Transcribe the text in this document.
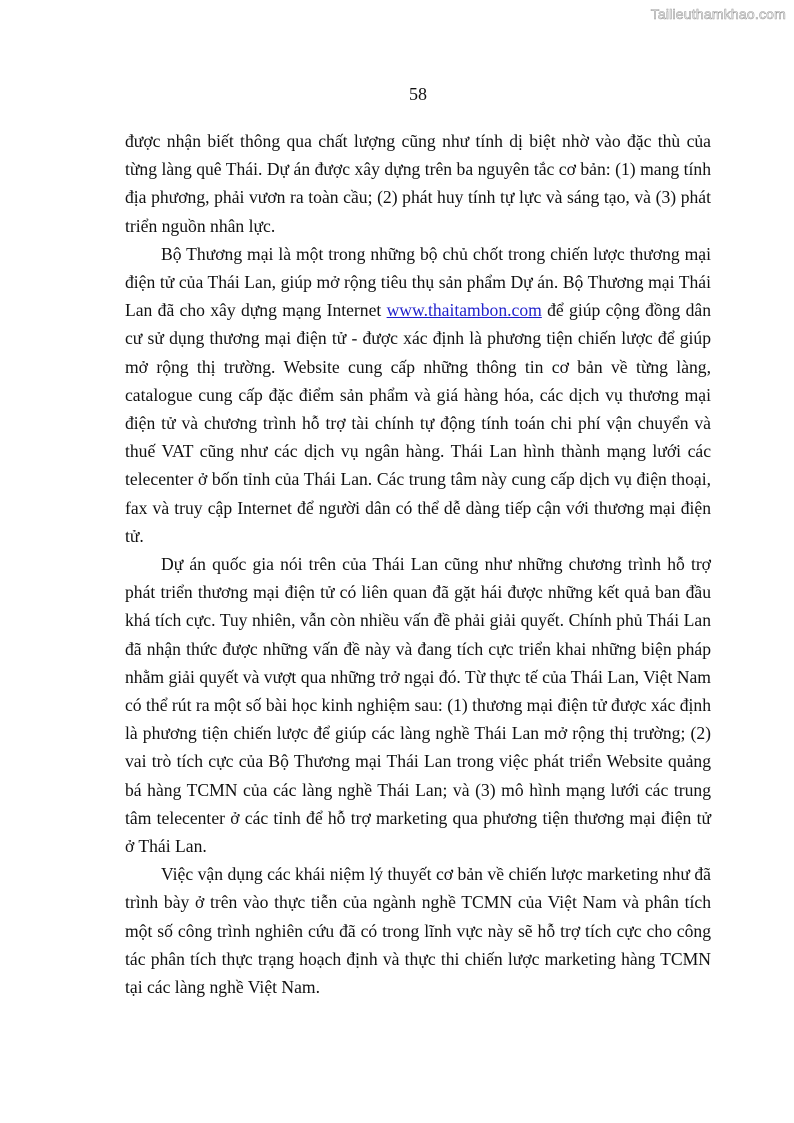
Tailieuthamkhao.com
58

được nhận biết thông qua chất lượng cũng như tính dị biệt nhờ vào đặc thù của từng làng quê Thái. Dự án được xây dựng trên ba nguyên tắc cơ bản: (1) mang tính địa phương, phải vươn ra toàn cầu; (2) phát huy tính tự lực và sáng tạo, và (3) phát triển nguồn nhân lực.

Bộ Thương mại là một trong những bộ chủ chốt trong chiến lược thương mại điện tử của Thái Lan, giúp mở rộng tiêu thụ sản phẩm Dự án. Bộ Thương mại Thái Lan đã cho xây dựng mạng Internet www.thaitambon.com để giúp cộng đồng dân cư sử dụng thương mại điện tử - được xác định là phương tiện chiến lược để giúp mở rộng thị trường. Website cung cấp những thông tin cơ bản về từng làng, catalogue cung cấp đặc điểm sản phẩm và giá hàng hóa, các dịch vụ thương mại điện tử và chương trình hỗ trợ tài chính tự động tính toán chi phí vận chuyển và thuế VAT cũng như các dịch vụ ngân hàng. Thái Lan hình thành mạng lưới các telecenter ở bốn tỉnh của Thái Lan. Các trung tâm này cung cấp dịch vụ điện thoại, fax và truy cập Internet để người dân có thể dễ dàng tiếp cận với thương mại điện tử.

Dự án quốc gia nói trên của Thái Lan cũng như những chương trình hỗ trợ phát triển thương mại điện tử có liên quan đã gặt hái được những kết quả ban đầu khá tích cực. Tuy nhiên, vẫn còn nhiều vấn đề phải giải quyết. Chính phủ Thái Lan đã nhận thức được những vấn đề này và đang tích cực triển khai những biện pháp nhằm giải quyết và vượt qua những trở ngại đó. Từ thực tế của Thái Lan, Việt Nam có thể rút ra một số bài học kinh nghiệm sau: (1) thương mại điện tử được xác định là phương tiện chiến lược để giúp các làng nghề Thái Lan mở rộng thị trường; (2) vai trò tích cực của Bộ Thương mại Thái Lan trong việc phát triển Website quảng bá hàng TCMN của các làng nghề Thái Lan; và (3) mô hình mạng lưới các trung tâm telecenter ở các tỉnh để hỗ trợ marketing qua phương tiện thương mại điện tử ở Thái Lan.

Việc vận dụng các khái niệm lý thuyết cơ bản về chiến lược marketing như đã trình bày ở trên vào thực tiễn của ngành nghề TCMN của Việt Nam và phân tích một số công trình nghiên cứu đã có trong lĩnh vực này sẽ hỗ trợ tích cực cho công tác phân tích thực trạng hoạch định và thực thi chiến lược marketing hàng TCMN tại các làng nghề Việt Nam.
